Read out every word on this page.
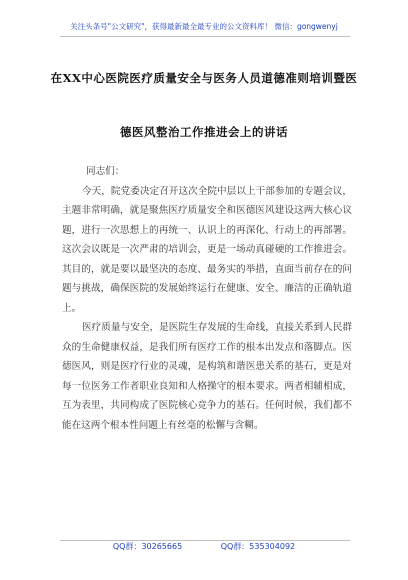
关注头条号"公文研究"，获得最新最全最专业的公文资料库！ 微信：gongwenyj
在XX中心医院医疗质量安全与医务人员道德准则培训暨医
德医风整治工作推进会上的讲话

同志们：

今天，院党委决定召开这次全院中层以上干部参加的专题会议，主题非常明确，就是聚焦医疗质量安全和医德医风建设这两大核心议题，进行一次思想上的再统一、认识上的再深化、行动上的再部署。这次会议既是一次严肃的培训会，更是一场动真碰硬的工作推进会。其目的，就是要以最坚决的态度、最务实的举措，直面当前存在的问题与挑战，确保医院的发展始终运行在健康、安全、廉洁的正确轨道上。

医疗质量与安全，是医院生存发展的生命线，直接关系到人民群众的生命健康权益，是我们所有医疗工作的根本出发点和落脚点。医德医风，则是医疗行业的灵魂，是构筑和谐医患关系的基石，更是对每一位医务工作者职业良知和人格操守的根本要求。两者相辅相成，互为表里，共同构成了医院核心竞争力的基石。任何时候，我们都不能在这两个根本性问题上有丝毫的松懈与含糊。

QQ群：30265665	QQ群：535304092
